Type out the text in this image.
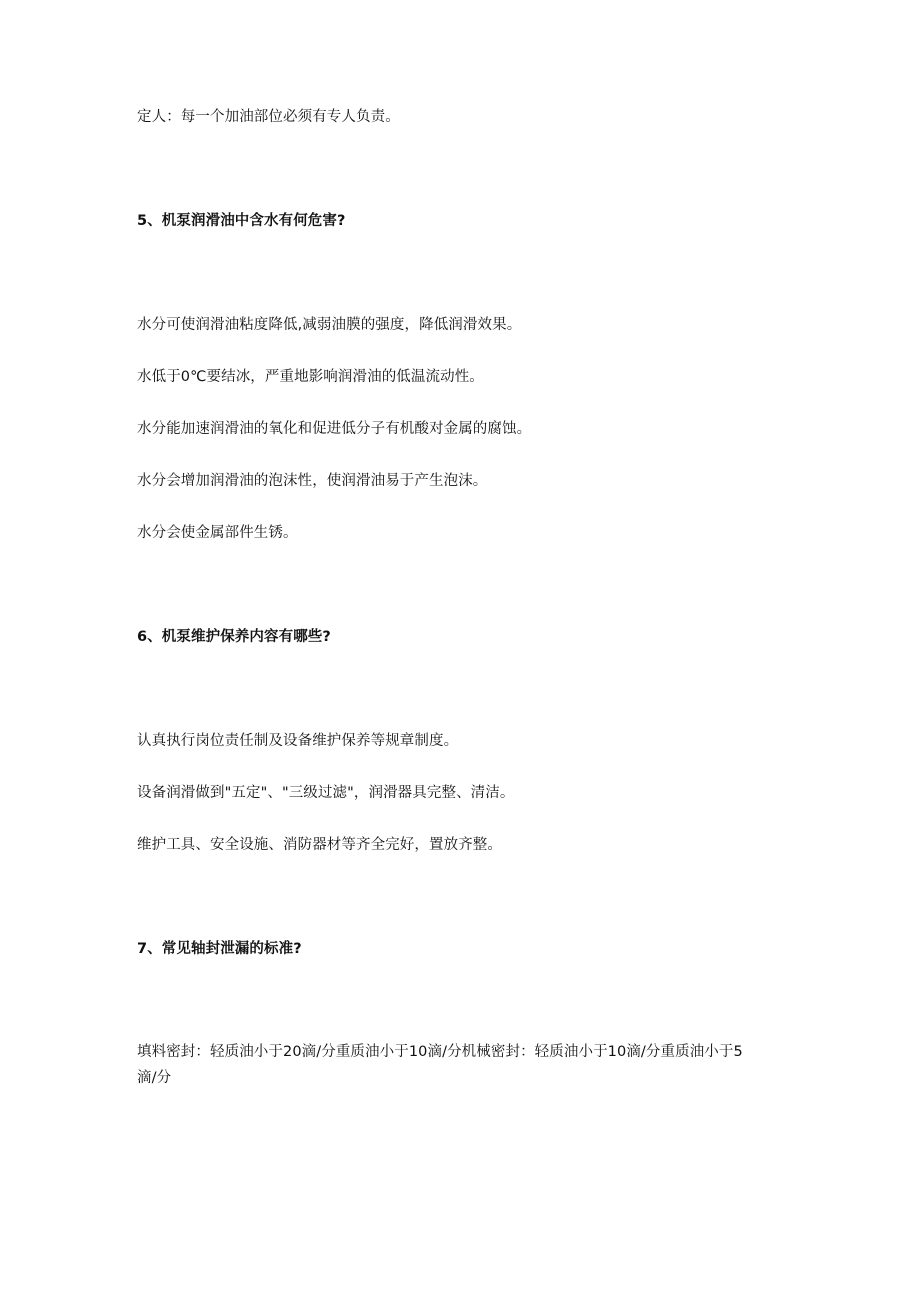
定人：每一个加油部位必须有专人负责。
5、机泵润滑油中含水有何危害?
水分可使润滑油粘度降低,减弱油膜的强度，降低润滑效果。
水低于0℃要结冰，严重地影响润滑油的低温流动性。
水分能加速润滑油的氧化和促进低分子有机酸对金属的腐蚀。
水分会增加润滑油的泡沫性，使润滑油易于产生泡沫。
水分会使金属部件生锈。
6、机泵维护保养内容有哪些?
认真执行岗位责任制及设备维护保养等规章制度。
设备润滑做到"五定"、"三级过滤"，润滑器具完整、清洁。
维护工具、安全设施、消防器材等齐全完好，置放齐整。
7、常见轴封泄漏的标准?
填料密封：轻质油小于20滴/分重质油小于10滴/分机械密封：轻质油小于10滴/分重质油小于5
滴/分
